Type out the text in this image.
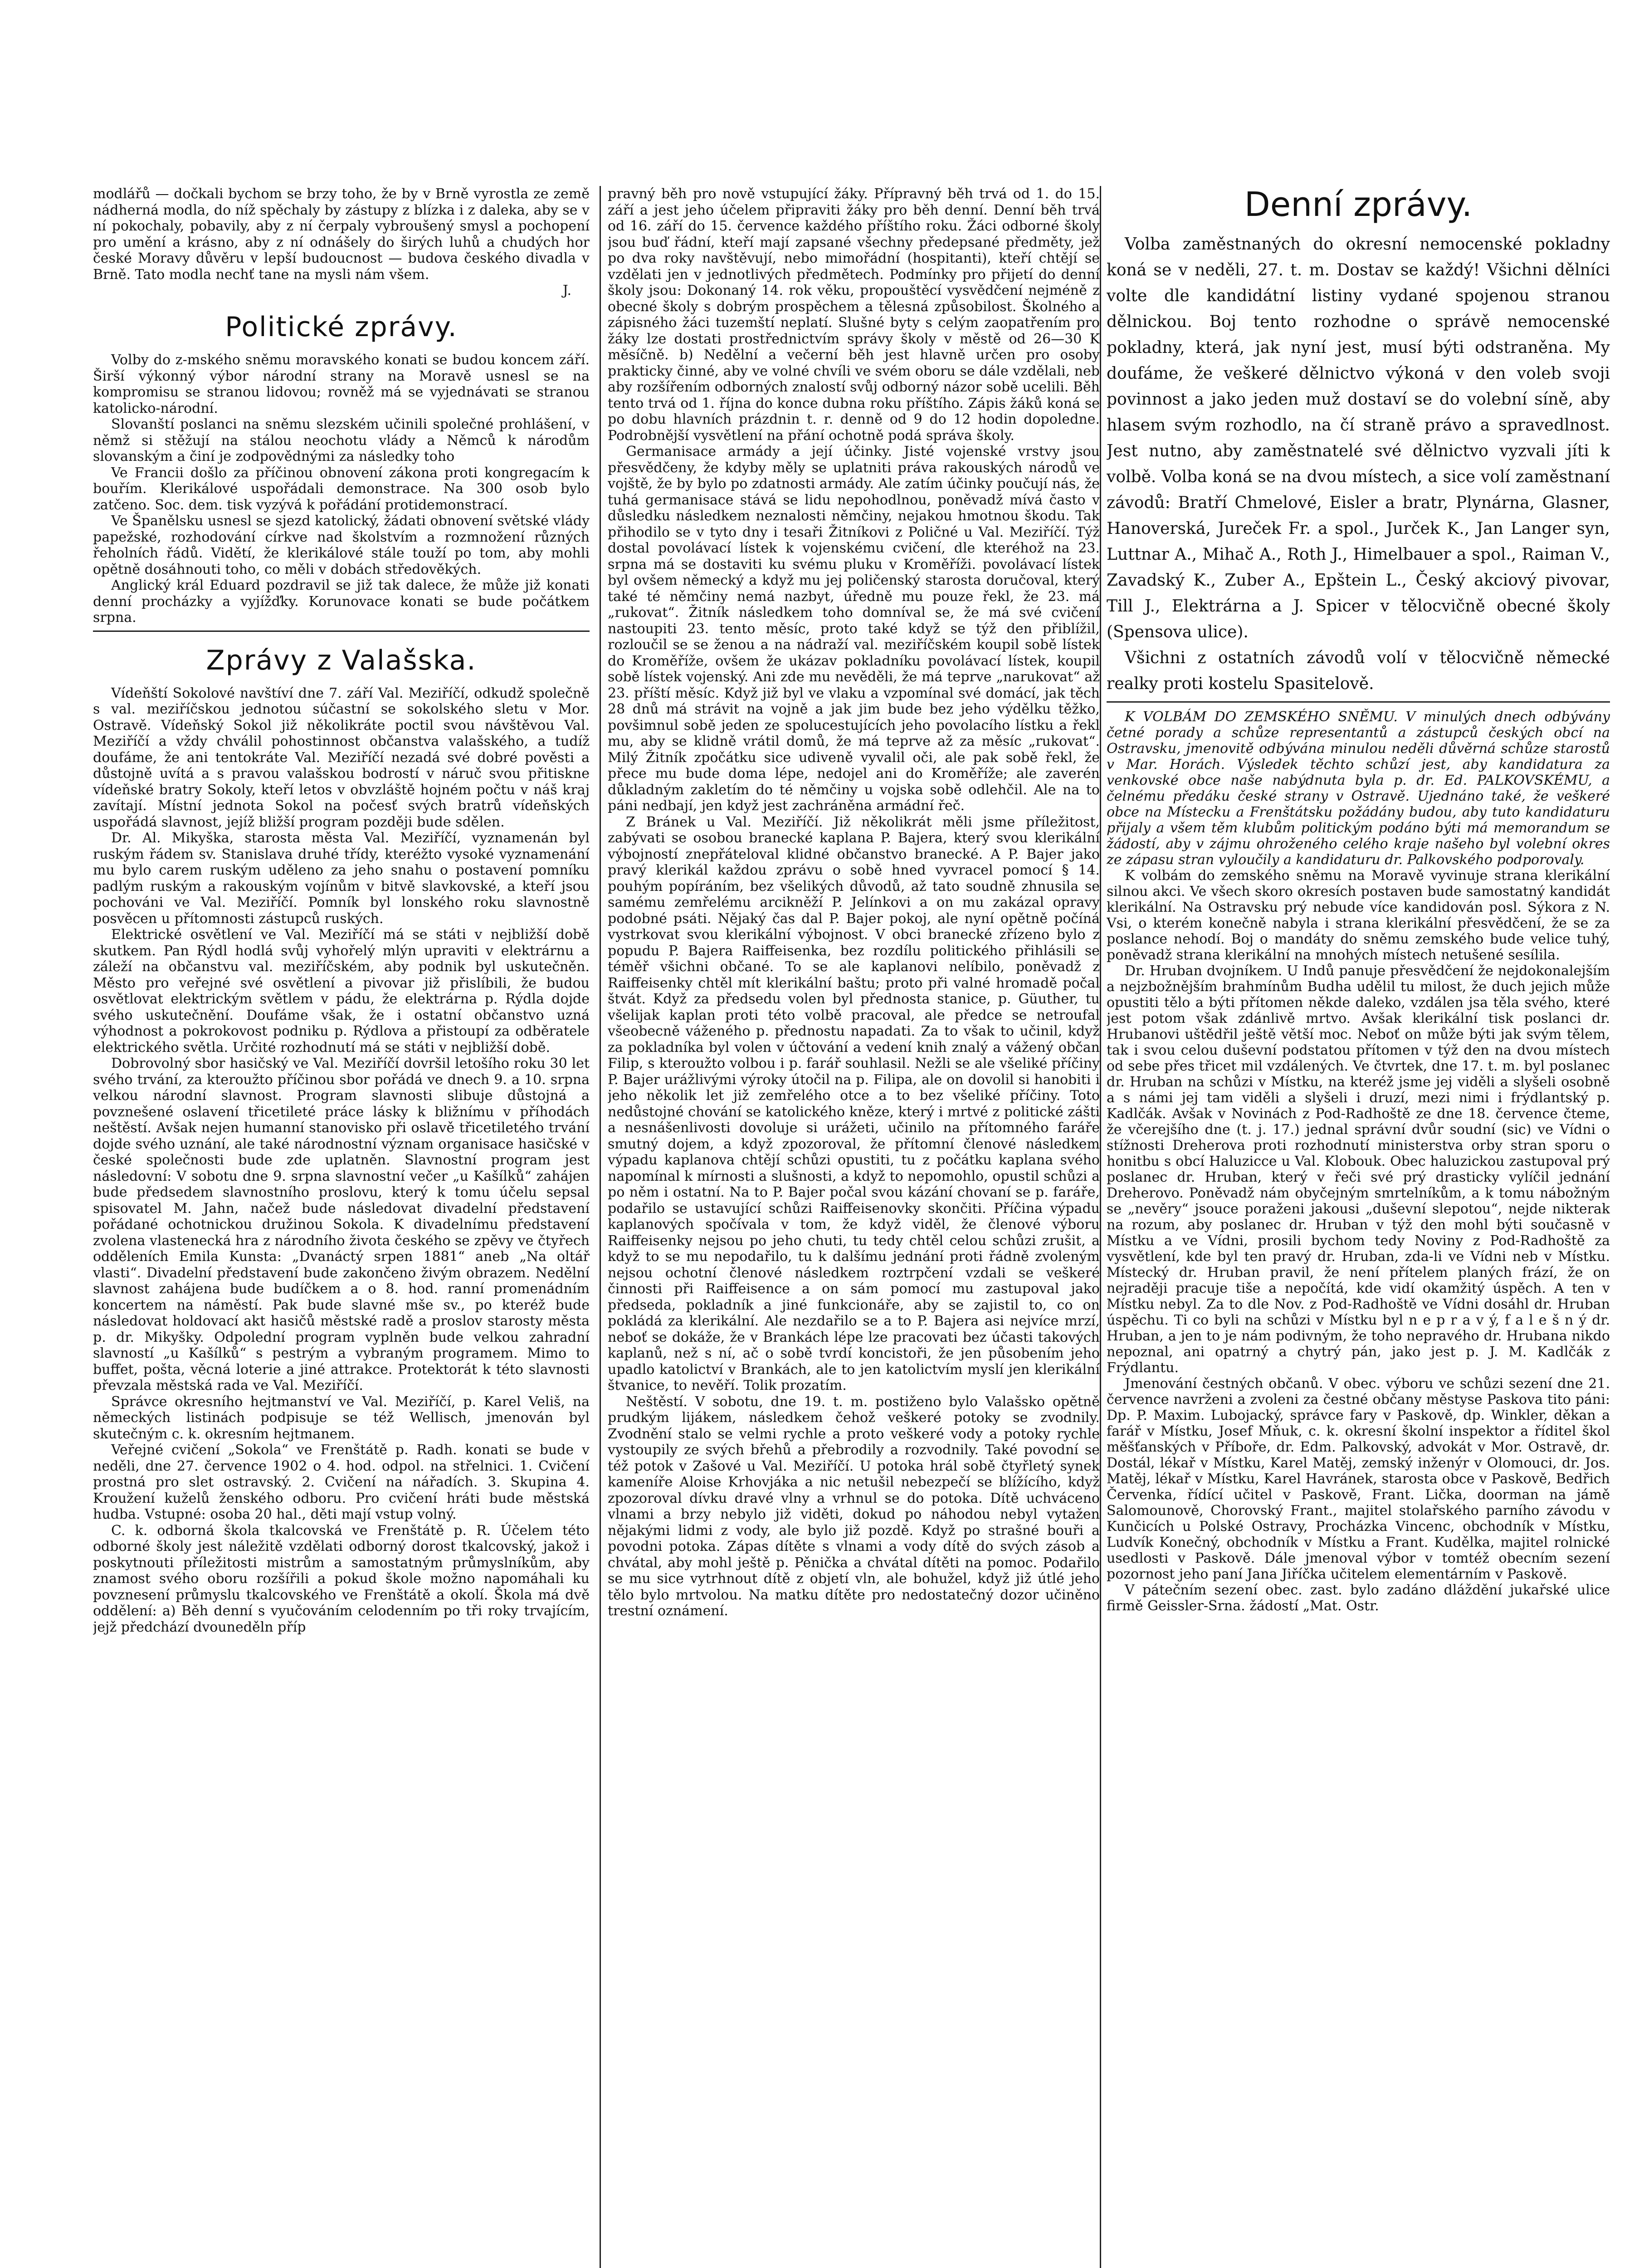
modlářů — dočkali bychom se brzy toho, že by v Brně vyrostla ze země nádherná modla, do níž spěchaly by zástupy z blízka i z daleka, aby se v ní pokochaly, pobavily, aby z ní čerpaly vybroušený smysl a pochopení pro umění a krásno, aby z ní odnášely do širých luhů a chudých hor české Moravy důvěru v lepší budoucnost — budova českého divadla v Brně. Tato modla nechť tane na mysli nám všem.

J.
Politické zprávy.

Volby do z-mského sněmu moravského konati se budou koncem září. Širší výkonný výbor národní strany na Moravě usnesl se na kompromisu se stranou lidovou; rovněž má se vyjednávati se stranou katolicko-národní.

Slovanští poslanci na sněmu slezském učinili společné prohlášení, v němž si stěžují na stálou neochotu vlády a Němců k národům slovanským a činí je zodpovědnými za následky toho

Ve Francii došlo za příčinou obnovení zákona proti kongregacím k bouřím. Klerikálové uspořádali demonstrace. Na 300 osob bylo zatčeno. Soc. dem. tisk vyzývá k pořádání protidemonstrací.

Ve Španělsku usnesl se sjezd katolický, žádati obnovení světské vlády papežské, rozhodování církve nad školstvím a rozmnožení různých řeholních řádů. Vidětí, že klerikálové stále touží po tom, aby mohli opětně dosáhnouti toho, co měli v dobách středověkých.

Anglický král Eduard pozdravil se již tak dalece, že může již konati denní procházky a vyjížďky. Korunovace konati se bude počátkem srpna.

Zprávy z Valašska.

Vídeňští Sokolové navštíví dne 7. září Val. Meziříčí, odkudž společně s val. meziříčskou jednotou súčastní se sokolského sletu v Mor. Ostravě. Vídeňský Sokol již několikráte poctil svou návštěvou Val. Meziříčí a vždy chválil pohostinnost občanstva valašského, a tudíž doufáme, že ani tentokráte Val. Meziříčí nezadá své dobré pověsti a důstojně uvítá a s pravou valašskou bodrostí v náruč svou přitiskne vídeňské bratry Sokoly, kteří letos v obvzláště hojném počtu v náš kraj zavítají. Místní jednota Sokol na počesť svých bratrů vídeňských uspořádá slavnost, jejíž bližší program později bude sdělen.

Dr. Al. Mikyška, starosta města Val. Meziříčí, vyznamenán byl ruským řádem sv. Stanislava druhé třídy, kteréžto vysoké vyznamenání mu bylo carem ruským uděleno za jeho snahu o postavení pomníku padlým ruským a rakouským vojínům v bitvě slavkovské, a kteří jsou pochováni ve Val. Meziříčí. Pomník byl lonského roku slavnostně posvěcen u přítomnosti zástupců ruských.

Elektrické osvětlení ve Val. Meziříčí má se státi v nejbližší době skutkem. Pan Rýdl hodlá svůj vyhořelý mlýn upraviti v elektrárnu a záleží na občanstvu val. meziříčském, aby podnik byl uskutečněn. Město pro veřejné své osvětlení a pivovar již přislíbili, že budou osvětlovat elektrickým světlem v pádu, že elektrárna p. Rýdla dojde svého uskutečnění. Doufáme však, že i ostatní občanstvo uzná výhodnost a pokrokovost podniku p. Rýdlova a přistoupí za odběratele elektrického světla. Určité rozhodnutí má se státi v nejbližší době.

Dobrovolný sbor hasičský ve Val. Meziříčí dovršil letošího roku 30 let svého trvání, za kteroužto příčinou sbor pořádá ve dnech 9. a 10. srpna velkou národní slavnost. Program slavnosti slibuje důstojná a povznešené oslavení třicetileté práce lásky k bližnímu v příhodách neštěstí. Avšak nejen humanní stanovisko při oslavě třicetiletého trvání dojde svého uznání, ale také národnostní význam organisace hasičské v české společnosti bude zde uplatněn. Slavnostní program jest následovní: V sobotu dne 9. srpna slavnostní večer „u Kašílků“ zahájen bude předsedem slavnostního proslovu, který k tomu účelu sepsal spisovatel M. Jahn, načež bude následovat divadelní představení pořádané ochotnickou družinou Sokola. K divadelnímu představení zvolena vlastenecká hra z národního života českého se zpěvy ve čtyřech odděleních Emila Kunsta: „Dvanáctý srpen 1881“ aneb „Na oltář vlasti“. Divadelní představení bude zakončeno živým obrazem. Nedělní slavnost zahájena bude budíčkem a o 8. hod. ranní promenádním koncertem na náměstí. Pak bude slavné mše sv., po kteréž bude následovat holdovací akt hasičů městské radě a proslov starosty města p. dr. Mikyšky. Odpolední program vyplněn bude velkou zahradní slavností „u Kašílků“ s pestrým a vybraným programem. Mimo to buffet, pošta, věcná loterie a jiné attrakce. Protektorát k této slavnosti převzala městská rada ve Val. Meziříčí.

Správce okresního hejtmanství ve Val. Meziříčí, p. Karel Veliš, na německých listinách podpisuje se též Wellisch, jmenován byl skutečným c. k. okresním hejtmanem.

Veřejné cvičení „Sokola“ ve Frenštátě p. Radh. konati se bude v neděli, dne 27. července 1902 o 4. hod. odpol. na střelnici. 1. Cvičení prostná pro slet ostravský. 2. Cvičení na nářadích. 3. Skupina 4. Kroužení kuželů ženského odboru. Pro cvičení hráti bude městská hudba. Vstupné: osoba 20 hal., děti mají vstup volný.

C. k. odborná škola tkalcovská ve Frenštátě p. R. Účelem této odborné školy jest náležitě vzdělati odborný dorost tkalcovský, jakož i poskytnouti příležitosti mistrům a samostatným průmyslníkům, aby znamost svého oboru rozšířili a pokud škole možno napomáhali ku povznesení průmyslu tkalcovského ve Frenštátě a okolí. Škola má dvě oddělení: a) Běh denní s vyučováním celodenním po tři roky trvajícím, jejž předchází dvouneděln příp

pravný běh pro nově vstupující žáky. Přípravný běh trvá od 1. do 15. září a jest jeho účelem připraviti žáky pro běh denní. Denní běh trvá od 16. září do 15. července každého příštího roku. Žáci odborné školy jsou buď řádní, kteří mají zapsané všechny předepsané předměty, jež po dva roky navštěvují, nebo mimořádní (hospitanti), kteří chtějí se vzdělati jen v jednotlivých předmětech. Podmínky pro přijetí do denní školy jsou: Dokonaný 14. rok věku, propouštěcí vysvědčení nejméně z obecné školy s dobrým prospěchem a tělesná způsobilost. Školného a zápisného žáci tuzemští neplatí. Slušné byty s celým zaopatřením pro žáky lze dostati prostřednictvím správy školy v městě od 26—30 K měsíčně. b) Nedělní a večerní běh jest hlavně určen pro osoby prakticky činné, aby ve volné chvíli ve svém oboru se dále vzdělali, neb aby rozšířením odborných znalostí svůj odborný názor sobě ucelili. Běh tento trvá od 1. října do konce dubna roku příštího. Zápis žáků koná se po dobu hlavních prázdnin t. r. denně od 9 do 12 hodin dopoledne. Podrobnější vysvětlení na přání ochotně podá správa školy.

Germanisace armády a její účinky. Jisté vojenské vrstvy jsou přesvědčeny, že kdyby měly se uplatniti práva rakouských národů ve vojště, že by bylo po zdatnosti armády. Ale zatím účinky poučují nás, že tuhá germanisace stává se lidu nepohodlnou, poněvadž mívá často v důsledku následkem neznalosti němčiny, nejakou hmotnou škodu. Tak přihodilo se v tyto dny i tesaři Žitníkovi z Poličné u Val. Meziříčí. Týž dostal povolávací lístek k vojenskému cvičení, dle kteréhož na 23. srpna má se dostaviti ku svému pluku v Kroměříži. povolávací lístek byl ovšem německý a když mu jej poličenský starosta doručoval, který také té němčiny nemá nazbyt, úředně mu pouze řekl, že 23. má „rukovat“. Žitník následkem toho domníval se, že má své cvičení nastoupiti 23. tento měsíc, proto také když se týž den přiblížil, rozloučil se se ženou a na nádraží val. meziříčském koupil sobě lístek do Kroměříže, ovšem že ukázav pokladníku povolávací lístek, koupil sobě lístek vojenský. Ani zde mu nevěděli, že má teprve „narukovat“ až 23. příští měsíc. Když již byl ve vlaku a vzpomínal své domácí, jak těch 28 dnů má strávit na vojně a jak jim bude bez jeho výdělku těžko, povšimnul sobě jeden ze spolucestujících jeho povolacího lístku a řekl mu, aby se klidně vrátil domů, že má teprve až za měsíc „rukovat“. Milý Žitník zpočátku sice udiveně vyvalil oči, ale pak sobě řekl, že přece mu bude doma lépe, nedojel ani do Kroměříže; ale zaverén důkladným zakletím do té němčiny u vojska sobě odlehčil. Ale na to páni nedbají, jen když jest zachráněna armádní řeč.

Z Bránek u Val. Meziříčí. Již několikrát měli jsme příležitost, zabývati se osobou branecké kaplana P. Bajera, který svou klerikální výbojností znepřáteloval klidné občanstvo branecké. A P. Bajer jako pravý klerikál každou zprávu o sobě hned vyvracel pomocí § 14. pouhým popíráním, bez všelikých důvodů, až tato soudně zhnusila se samému zemřelému arcikněží P. Jelínkovi a on mu zakázal opravy podobné psáti. Nějaký čas dal P. Bajer pokoj, ale nyní opětně počíná vystrkovat svou klerikální výbojnost. V obci branecké zřízeno bylo z popudu P. Bajera Raiffeisenka, bez rozdílu politického přihlásili se téměř všichni občané. To se ale kaplanovi nelíbilo, poněvadž z Raiffeisenky chtěl mít klerikální baštu; proto při valné hromadě počal štvát. Když za předsedu volen byl přednosta stanice, p. Güuther, tu všelijak kaplan proti této volbě pracoval, ale předce se netroufal všeobecně váženého p. přednostu napadati. Za to však to učinil, když za pokladníka byl volen v účtování a vedení knih znalý a vážený občan Filip, s kteroužto volbou i p. farář souhlasil. Nežli se ale všeliké příčiny P. Bajer urážlivými výroky útočil na p. Filipa, ale on dovolil si hanobiti i jeho několik let již zemřelého otce a to bez všeliké příčiny. Toto nedůstojné chování se katolického kněze, který i mrtvé z politické zášti a nesnášenlivosti dovoluje si urážeti, učinilo na přítomného faráře smutný dojem, a když zpozoroval, že přítomní členové následkem výpadu kaplanova chtějí schůzi opustiti, tu z počátku kaplana svého napomínal k mírnosti a slušnosti, a když to nepomohlo, opustil schůzi a po něm i ostatní. Na to P. Bajer počal svou kázání chovaní se p. faráře, podařilo se ustavující schůzi Raiffeisenovky skončiti. Příčina výpadu kaplanových spočívala v tom, že když viděl, že členové výboru Raiffeisenky nejsou po jeho chuti, tu tedy chtěl celou schůzi zrušit, a když to se mu nepodařilo, tu k dalšímu jednání proti řádně zvoleným nejsou ochotní členové následkem roztrpčení vzdali se veškeré činnosti při Raiffeisence a on sám pomocí mu zastupoval jako předseda, pokladník a jiné funkcionáře, aby se zajistil to, co on pokládá za klerikální. Ale nezdařilo se a to P. Bajera asi nejvíce mrzí, neboť se dokáže, že v Brankách lépe lze pracovati bez účasti takových kaplanů, než s ní, ač o sobě tvrdí koncistoři, že jen působením jeho upadlo katolictví v Brankách, ale to jen katolictvím myslí jen klerikální štvanice, to nevěří. Tolik prozatím.

Neštěstí. V sobotu, dne 19. t. m. postiženo bylo Valašsko opětně prudkým lijákem, následkem čehož veškeré potoky se zvodnily. Zvodnění stalo se velmi rychle a proto veškeré vody a potoky rychle vystoupily ze svých břehů a přebrodily a rozvodnily. Také povodní se též potok v Zašové u Val. Meziříčí. U potoka hrál sobě čtyřletý synek kameníře Aloise Krhovjáka a nic netušil nebezpečí se blížícího, když zpozoroval dívku dravé vlny a vrhnul se do potoka. Dítě uchváceno vlnami a brzy nebylo již viděti, dokud po náhodou nebyl vytažen nějakými lidmi z vody, ale bylo již pozdě. Když po strašné bouři a povodni potoka. Zápas dítěte s vlnami a vody dítě do svých zásob a chvátal, aby mohl ještě p. Pěnička a chvátal dítěti na pomoc. Podařilo se mu sice vytrhnout dítě z objetí vln, ale bohužel, když již útlé jeho tělo bylo mrtvolou. Na matku dítěte pro nedostatečný dozor učiněno trestní oznámení.

Denní zprávy.

Volba zaměstnaných do okresní nemocenské pokladny koná se v neděli, 27. t. m. Dostav se každý! Všichni dělníci volte dle kandidátní listiny vydané spojenou stranou dělnickou. Boj tento rozhodne o správě nemocenské pokladny, která, jak nyní jest, musí býti odstraněna. My doufáme, že veškeré dělnictvo výkoná v den voleb svoji povinnost a jako jeden muž dostaví se do volební síně, aby hlasem svým rozhodlo, na čí straně právo a spravedlnost. Jest nutno, aby zaměstnatelé své dělnictvo vyzvali jíti k volbě. Volba koná se na dvou místech, a sice volí zaměstnaní závodů: Bratří Chmelové, Eisler a bratr, Plynárna, Glasner, Hanoverská, Jureček Fr. a spol., Jurček K., Jan Langer syn, Luttnar A., Mihač A., Roth J., Himelbauer a spol., Raiman V., Zavadský K., Zuber A., Epštein L., Český akciový pivovar, Till J., Elektrárna a J. Spicer v tělocvičně obecné školy (Spensova ulice).

Všichni z ostatních závodů volí v tělocvičně německé realky proti kostelu Spasitelově.

K VOLBÁM DO ZEMSKÉHO SNĚMU. V minulých dnech odbývány četné porady a schůze representantů a zástupců českých obcí na Ostravsku, jmenovitě odbývána minulou neděli důvěrná schůze starostů v Mar. Horách. Výsledek těchto schůzí jest, aby kandidatura za venkovské obce naše nabýdnuta byla p. dr. Ed. PALKOVSKÉMU, a čelnému předáku české strany v Ostravě. Ujednáno také, že veškeré obce na Místecku a Frenštátsku požádány budou, aby tuto kandidaturu přijaly a všem těm klubům politickým podáno býti má memorandum se žádostí, aby v zájmu ohroženého celého kraje našeho byl volební okres ze zápasu stran vyloučily a kandidaturu dr. Palkovského podporovaly.

K volbám do zemského sněmu na Moravě vyvinuje strana klerikální silnou akci. Ve všech skoro okresích postaven bude samostatný kandidát klerikální. Na Ostravsku prý nebude více kandidován posl. Sýkora z N. Vsi, o kterém konečně nabyla i strana klerikální přesvědčení, že se za poslance nehodí. Boj o mandáty do sněmu zemského bude velice tuhý, poněvadž strana klerikální na mnohých místech netušené sesílila.

Dr. Hruban dvojníkem. U Indů panuje přesvědčení že nejdokonalejším a nejzbožnějším brahmínům Budha udělil tu milost, že duch jejich může opustiti tělo a býti přítomen někde daleko, vzdálen jsa těla svého, které jest potom však zdánlivě mrtvo. Avšak klerikální tisk poslanci dr. Hrubanovi uštědřil ještě větší moc. Neboť on může býti jak svým tělem, tak i svou celou duševní podstatou přítomen v týž den na dvou místech od sebe přes třicet mil vzdálených. Ve čtvrtek, dne 17. t. m. byl poslanec dr. Hruban na schůzi v Místku, na kteréž jsme jej viděli a slyšeli osobně a s námi jej tam viděli a slyšeli i druzí, mezi nimi i frýdlantský p. Kadlčák. Avšak v Novinách z Pod-Radhoště ze dne 18. července čteme, že včerejšího dne (t. j. 17.) jednal správní dvůr soudní (sic) ve Vídni o stížnosti Dreherova proti rozhodnutí ministerstva orby stran sporu o honitbu s obcí Haluzicce u Val. Klobouk. Obec haluzickou zastupoval prý poslanec dr. Hruban, který v řeči své prý drasticky vylíčil jednání Dreherovo. Poněvadž nám obyčejným smrtelníkům, a k tomu nábožným se „nevěry“ jsouce poraženi jakousi „duševní slepotou“, nejde nikterak na rozum, aby poslanec dr. Hruban v týž den mohl býti současně v Místku a ve Vídni, prosili bychom tedy Noviny z Pod-Radhoště za vysvětlení, kde byl ten pravý dr. Hruban, zda-li ve Vídni neb v Místku. Místecký dr. Hruban pravil, že není přítelem planých frází, že on nejraději pracuje tiše a nepočítá, kde vidí okamžitý úspěch. A ten v Místku nebyl. Za to dle Nov. z Pod-Radhoště ve Vídni dosáhl dr. Hruban úspěchu. Ti co byli na schůzi v Místku byl n e p r a v ý, f a l e š n ý dr. Hruban, a jen to je nám podivným, že toho nepravého dr. Hrubana nikdo nepoznal, ani opatrný a chytrý pán, jako jest p. J. M. Kadlčák z Frýdlantu.

Jmenování čestných občanů. V obec. výboru ve schůzi sezení dne 21. července navrženi a zvoleni za čestné občany městyse Paskova tito páni: Dp. P. Maxim. Lubojacký, správce fary v Paskově, dp. Winkler, děkan a farář v Místku, Josef Mňuk, c. k. okresní školní inspektor a říditel škol měšťanských v Příboře, dr. Edm. Palkovský, advokát v Mor. Ostravě, dr. Dostál, lékař v Místku, Karel Matěj, zemský inženýr v Olomouci, dr. Jos. Matěj, lékař v Místku, Karel Havránek, starosta obce v Paskově, Bedřich Červenka, řídící učitel v Paskově, Frant. Lička, doorman na jámě Salomounově, Chorovský Frant., majitel stolařského parního závodu v Kunčicích u Polské Ostravy, Procházka Vincenc, obchodník v Místku, Ludvík Konečný, obchodník v Místku a Frant. Kudělka, majitel rolnické usedlosti v Paskově. Dále jmenoval výbor v tomtéž obecním sezení pozornost jeho paní Jana Jiříčka učitelem elementárním v Paskově.

V pátečním sezení obec. zast. bylo zadáno dláždění jukařské ulice firmě Geissler-Srna. žádostí „Mat. Ostr.
